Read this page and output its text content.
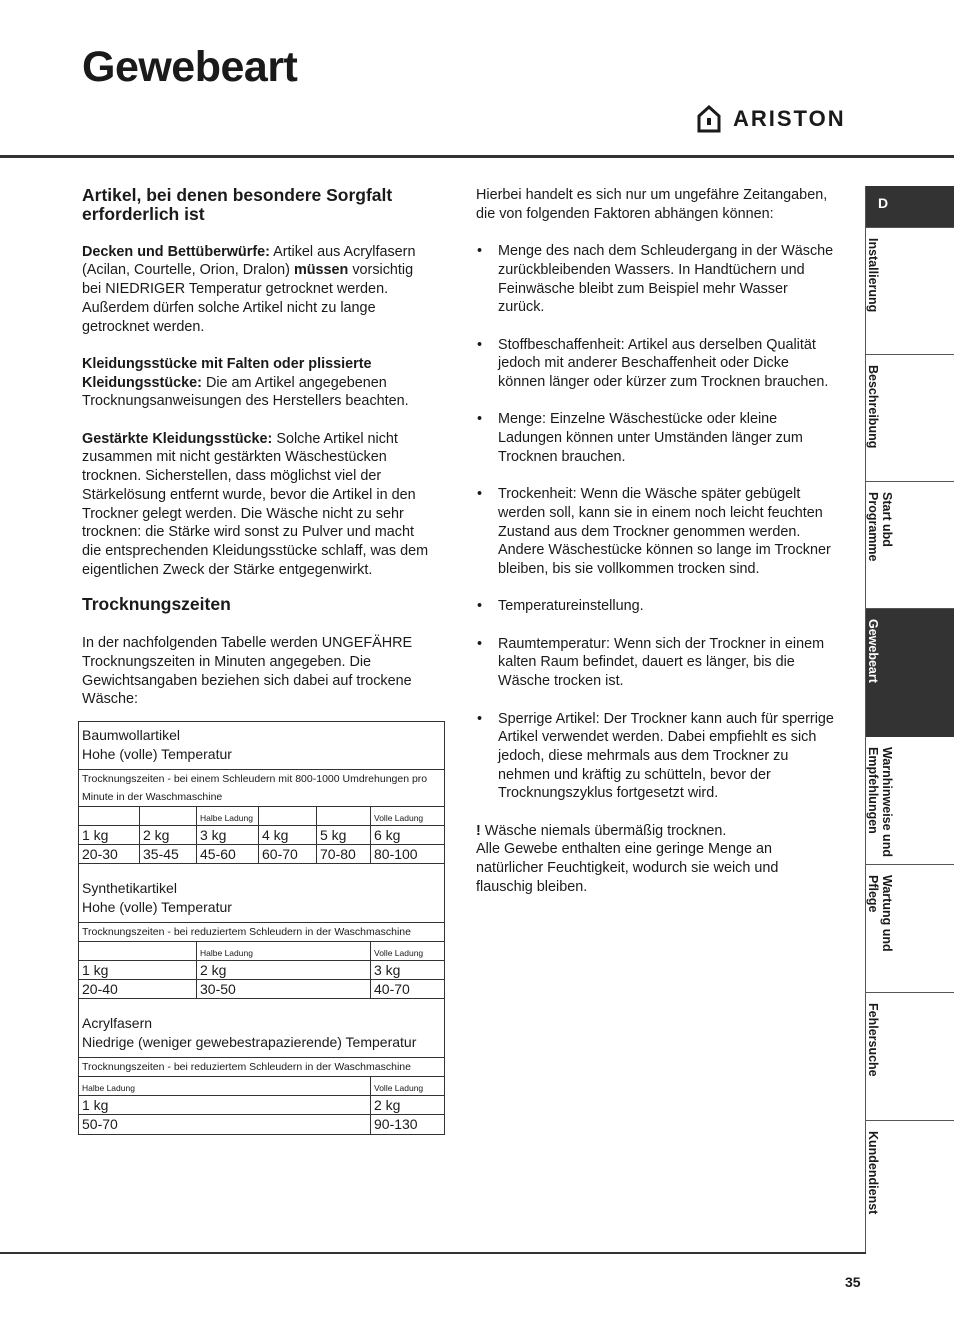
Gewebeart
ARISTON
Artikel, bei denen besondere Sorgfalt erforderlich ist

Decken und Bettüberwürfe: Artikel aus Acrylfasern (Acilan, Courtelle, Orion, Dralon) müssen vorsichtig bei NIEDRIGER Temperatur getrocknet werden. Außerdem dürfen solche Artikel nicht zu lange getrocknet werden.

Kleidungsstücke mit Falten oder plissierte Kleidungsstücke: Die am Artikel angegebenen Trocknungsanweisungen des Herstellers beachten.

Gestärkte Kleidungsstücke: Solche Artikel nicht zusammen mit nicht gestärkten Wäschestücken trocknen. Sicherstellen, dass möglichst viel der Stärkelösung entfernt wurde, bevor die Artikel in den Trockner gelegt werden. Die Wäsche nicht zu sehr trocknen: die Stärke wird sonst zu Pulver und macht die entsprechenden Kleidungsstücke schlaff, was dem eigentlichen Zweck der Stärke entgegenwirkt.

Trocknungszeiten

In der nachfolgenden Tabelle werden UNGEFÄHRE Trocknungszeiten in Minuten angegeben. Die Gewichtsangaben beziehen sich dabei auf trockene Wäsche:

Baumwollartikel
Hohe (volle) Temperatur
Trocknungszeiten - bei einem Schleudern mit 800-1000 Umdrehungen pro Minute in der Waschmaschine
Halbe Ladung	Volle Ladung
1 kg	2 kg	3 kg	4 kg	5 kg	6 kg
20-30	35-45	45-60	60-70	70-80	80-100
Synthetikartikel
Hohe (volle) Temperatur
Trocknungszeiten - bei reduziertem Schleudern in der Waschmaschine
Halbe Ladung	Volle Ladung
1 kg	2 kg	3 kg
20-40	30-50	40-70
Acrylfasern
Niedrige (weniger gewebestrapazierende) Temperatur
Trocknungszeiten - bei reduziertem Schleudern in der Waschmaschine
Halbe Ladung	Volle Ladung
1 kg	2 kg
50-70	90-130

Hierbei handelt es sich nur um ungefähre Zeitangaben, die von folgenden Faktoren abhängen können:

• Menge des nach dem Schleudergang in der Wäsche zurückbleibenden Wassers. In Handtüchern und Feinwäsche bleibt zum Beispiel mehr Wasser zurück.
• Stoffbeschaffenheit: Artikel aus derselben Qualität jedoch mit anderer Beschaffenheit oder Dicke können länger oder kürzer zum Trocknen brauchen.
• Menge: Einzelne Wäschestücke oder kleine Ladungen können unter Umständen länger zum Trocknen brauchen.
• Trockenheit: Wenn die Wäsche später gebügelt werden soll, kann sie in einem noch leicht feuchten Zustand aus dem Trockner genommen werden. Andere Wäschestücke können so lange im Trockner bleiben, bis sie vollkommen trocken sind.
• Temperatureinstellung.
• Raumtemperatur: Wenn sich der Trockner in einem kalten Raum befindet, dauert es länger, bis die Wäsche trocken ist.
• Sperrige Artikel: Der Trockner kann auch für sperrige Artikel verwendet werden. Dabei empfiehlt es sich jedoch, diese mehrmals aus dem Trockner zu nehmen und kräftig zu schütteln, bevor der Trocknungszyklus fortgesetzt wird.

! Wäsche niemals übermäßig trocknen.

Alle Gewebe enthalten eine geringe Menge an natürlicher Feuchtigkeit, wodurch sie weich und flauschig bleiben.

D
Installierung
Beschreibung
Start ubd
Programme
Gewebeart
Warnhinweise und
Empfehlungen
Wartung und
Pflege
Fehlersuche
Kundendienst
35
